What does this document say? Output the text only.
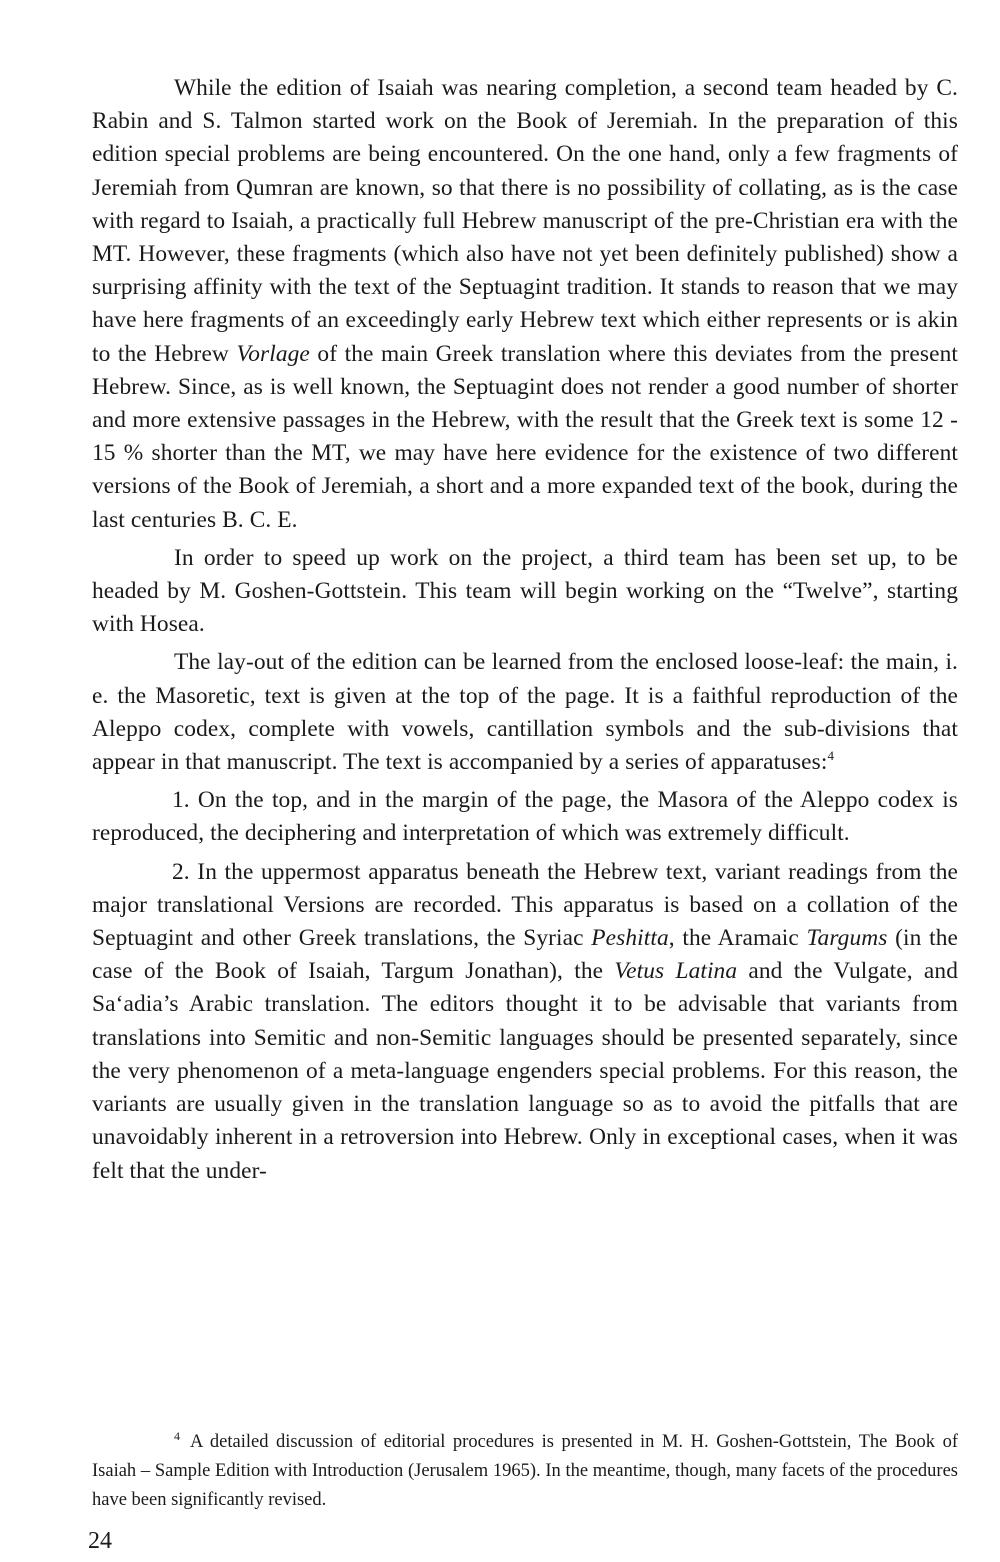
While the edition of Isaiah was nearing completion, a second team headed by C. Rabin and S. Talmon started work on the Book of Jeremiah. In the preparation of this edition special problems are being encountered. On the one hand, only a few fragments of Jeremiah from Qumran are known, so that there is no possibility of collating, as is the case with regard to Isaiah, a practically full Hebrew manuscript of the pre-Christian era with the MT. However, these fragments (which also have not yet been definitely published) show a surprising affinity with the text of the Septuagint tradition. It stands to reason that we may have here fragments of an exceedingly early Hebrew text which either represents or is akin to the Hebrew Vorlage of the main Greek translation where this deviates from the present Hebrew. Since, as is well known, the Septuagint does not render a good number of shorter and more extensive passages in the Hebrew, with the result that the Greek text is some 12 - 15 % shorter than the MT, we may have here evidence for the existence of two different versions of the Book of Jeremiah, a short and a more expanded text of the book, during the last centuries B. C. E.

In order to speed up work on the project, a third team has been set up, to be headed by M. Goshen-Gottstein. This team will begin working on the “Twelve”, starting with Hosea.

The lay-out of the edition can be learned from the enclosed loose-leaf: the main, i. e. the Masoretic, text is given at the top of the page. It is a faithful reproduction of the Aleppo codex, complete with vowels, cantillation symbols and the sub-divisions that appear in that manuscript. The text is accompanied by a series of apparatuses:$^4$

1. On the top, and in the margin of the page, the Masora of the Aleppo codex is reproduced, the deciphering and interpretation of which was extremely difficult.

2. In the uppermost apparatus beneath the Hebrew text, variant readings from the major translational Versions are recorded. This apparatus is based on a collation of the Septuagint and other Greek translations, the Syriac Peshitta, the Aramaic Targums (in the case of the Book of Isaiah, Targum Jonathan), the Vetus Latina and the Vulgate, and Sa‘adia’s Arabic translation. The editors thought it to be advisable that variants from translations into Semitic and non-Semitic languages should be presented separately, since the very phenomenon of a meta-language engenders special problems. For this reason, the variants are usually given in the translation language so as to avoid the pitfalls that are unavoidably inherent in a retroversion into Hebrew. Only in exceptional cases, when it was felt that the under-

$^4$ A detailed discussion of editorial procedures is presented in M. H. Goshen-Gottstein, The Book of Isaiah – Sample Edition with Introduction (Jerusalem 1965). In the meantime, though, many facets of the procedures have been significantly revised.

24
